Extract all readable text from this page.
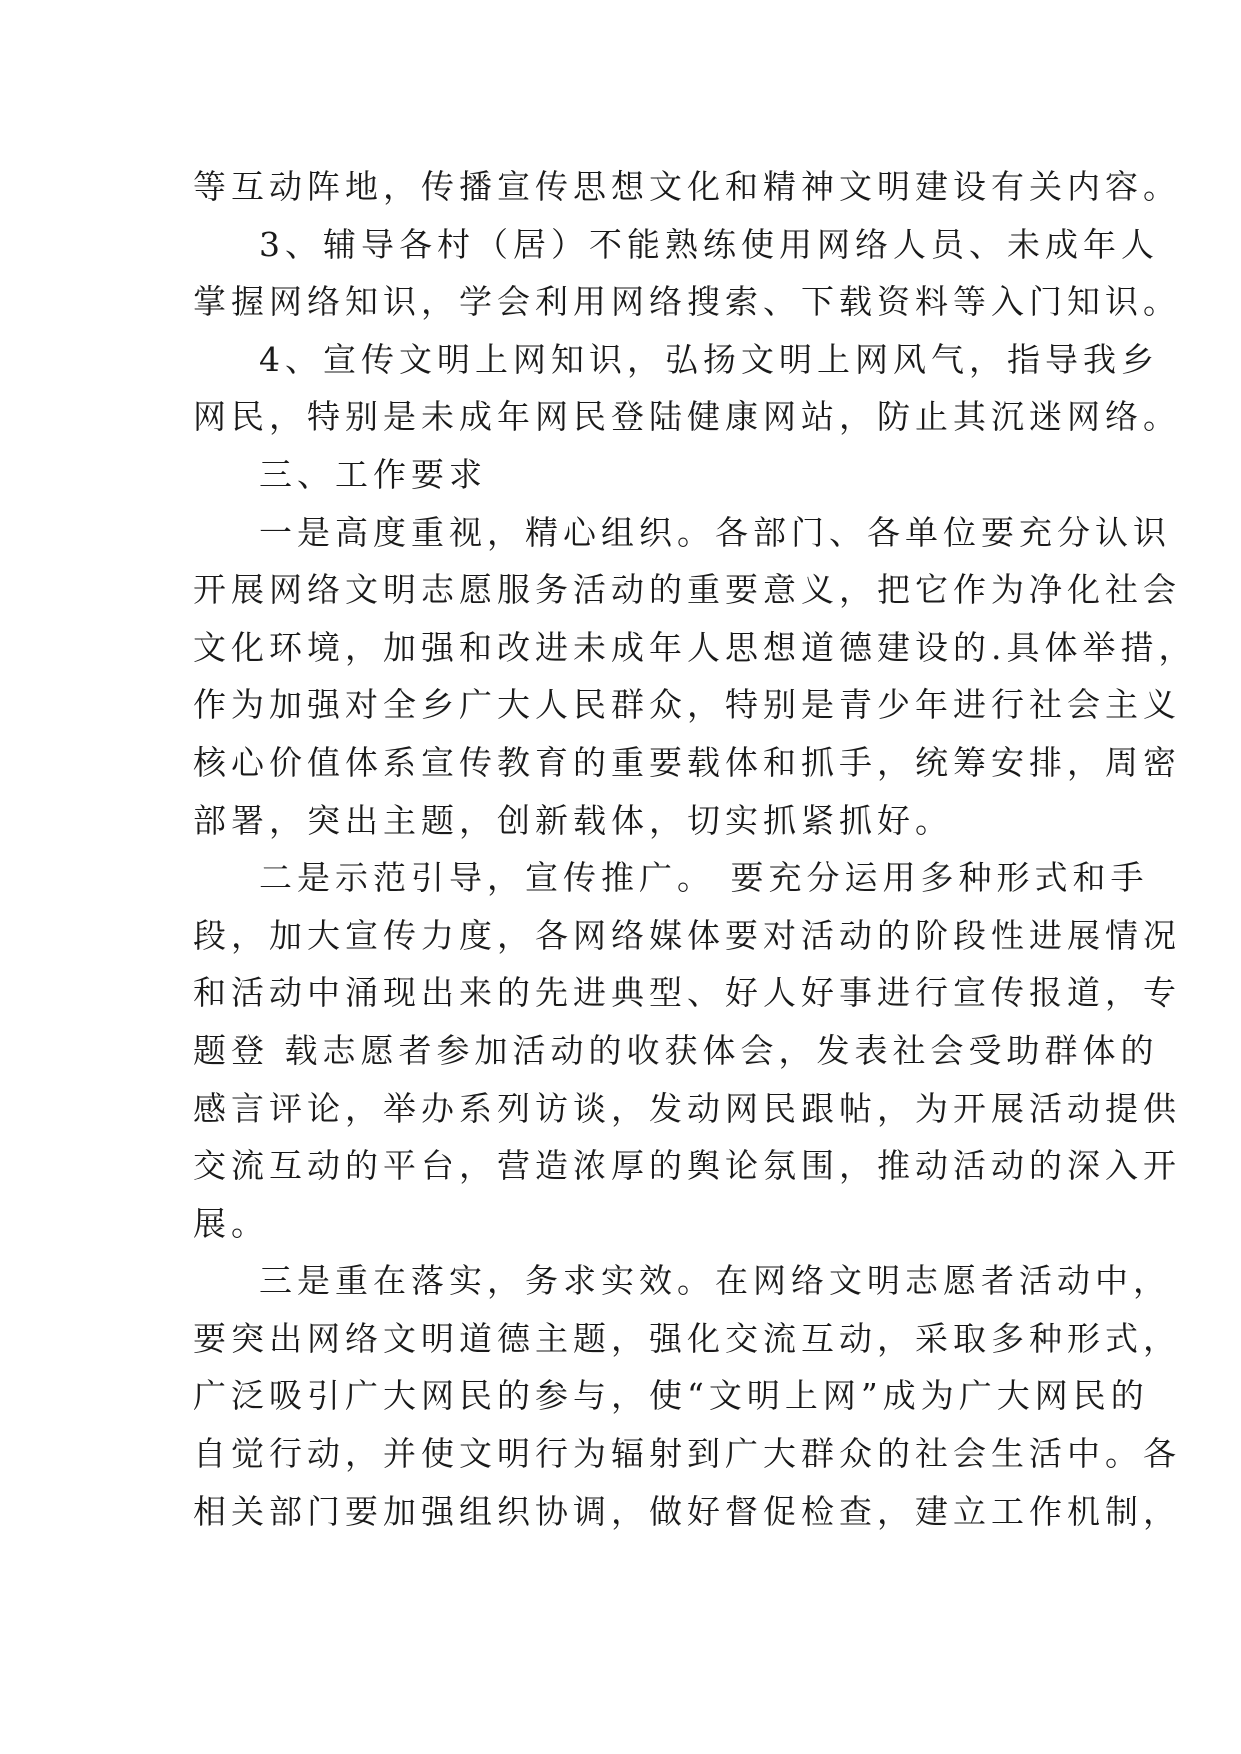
等互动阵地，传播宣传思想文化和精神文明建设有关内容。
3、辅导各村（居）不能熟练使用网络人员、未成年人
掌握网络知识，学会利用网络搜索、下载资料等入门知识。
4、宣传文明上网知识，弘扬文明上网风气，指导我乡
网民，特别是未成年网民登陆健康网站，防止其沉迷网络。
三、工作要求
一是高度重视，精心组织。各部门、各单位要充分认识
开展网络文明志愿服务活动的重要意义，把它作为净化社会
文化环境，加强和改进未成年人思想道德建设的.具体举措，
作为加强对全乡广大人民群众，特别是青少年进行社会主义
核心价值体系宣传教育的重要载体和抓手，统筹安排，周密
部署，突出主题，创新载体，切实抓紧抓好。
二是示范引导，宣传推广。 要充分运用多种形式和手
段，加大宣传力度，各网络媒体要对活动的阶段性进展情况
和活动中涌现出来的先进典型、好人好事进行宣传报道，专
题登 载志愿者参加活动的收获体会，发表社会受助群体的
感言评论，举办系列访谈，发动网民跟帖，为开展活动提供
交流互动的平台，营造浓厚的舆论氛围，推动活动的深入开
展。
三是重在落实，务求实效。在网络文明志愿者活动中，
要突出网络文明道德主题，强化交流互动，采取多种形式，
广泛吸引广大网民的参与，使“文明上网”成为广大网民的
自觉行动，并使文明行为辐射到广大群众的社会生活中。各
相关部门要加强组织协调，做好督促检查，建立工作机制，
